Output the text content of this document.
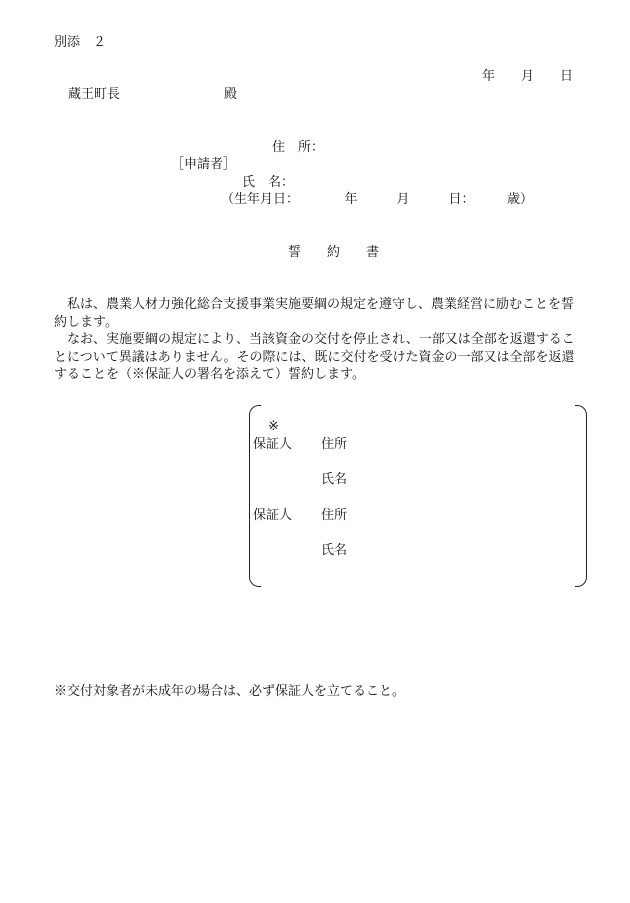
別添　２
年　　月　　日
蔵王町長　　　　　　　　殿
住　所：
［申請者］
氏　名：
（生年月日：　　　　年　　　月　　　日：　　　歳）
誓　　約　　書

　私は、農業人材力強化総合支援事業実施要綱の規定を遵守し、農業経営に励むことを誓約します。

　なお、実施要綱の規定により、当該資金の交付を停止され、一部又は全部を返還することについて異議はありません。その際には、既に交付を受けた資金の一部又は全部を返還することを（※保証人の署名を添えて）誓約します。

※
保証人 住所
氏名
保証人 住所
氏名
※交付対象者が未成年の場合は、必ず保証人を立てること。
